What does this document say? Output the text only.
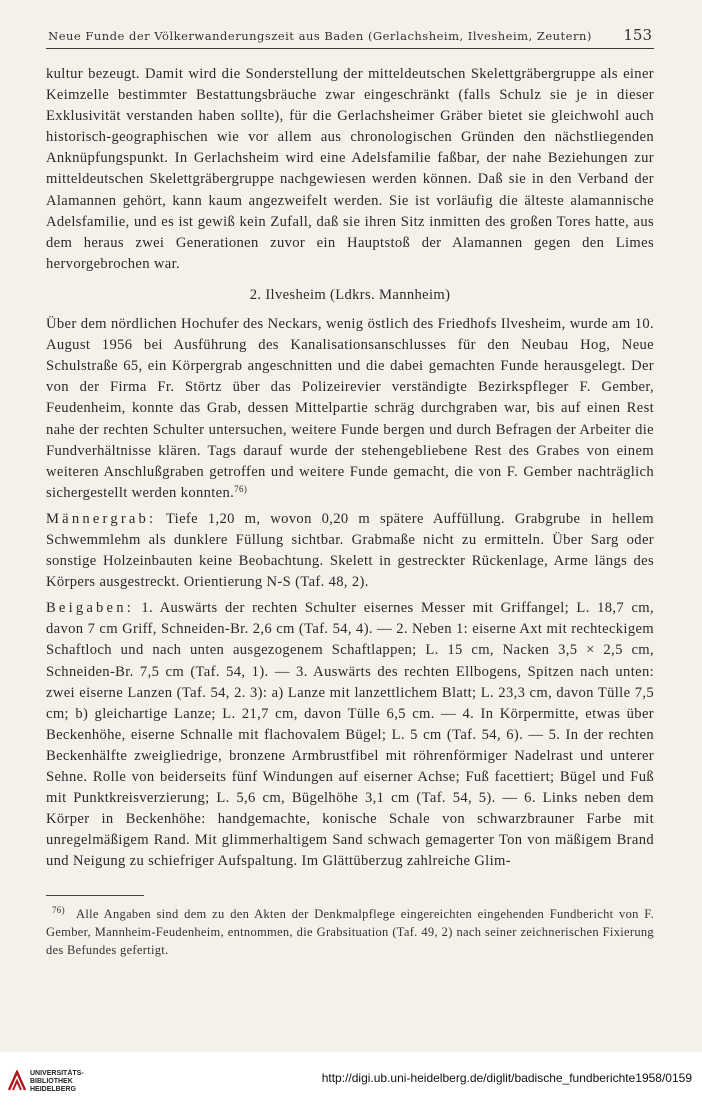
Neue Funde der Völkerwanderungszeit aus Baden (Gerlachsheim, Ilvesheim, Zeutern) 153

kultur bezeugt. Damit wird die Sonderstellung der mitteldeutschen Skelettgräbergruppe als einer Keimzelle bestimmter Bestattungsbräuche zwar eingeschränkt (falls Schulz sie je in dieser Exklusivität verstanden haben sollte), für die Gerlachsheimer Gräber bietet sie gleichwohl auch historisch-geographischen wie vor allem aus chronologischen Gründen den nächstliegenden Anknüpfungspunkt. In Gerlachsheim wird eine Adelsfamilie faßbar, der nahe Beziehungen zur mitteldeutschen Skelettgräbergruppe nachgewiesen werden können. Daß sie in den Verband der Alamannen gehört, kann kaum angezweifelt werden. Sie ist vorläufig die älteste alamannische Adelsfamilie, und es ist gewiß kein Zufall, daß sie ihren Sitz inmitten des großen Tores hatte, aus dem heraus zwei Generationen zuvor ein Hauptstoß der Alamannen gegen den Limes hervorgebrochen war.

2. Ilvesheim (Ldkrs. Mannheim)

Über dem nördlichen Hochufer des Neckars, wenig östlich des Friedhofs Ilvesheim, wurde am 10. August 1956 bei Ausführung des Kanalisationsanschlusses für den Neubau Hog, Neue Schulstraße 65, ein Körpergrab angeschnitten und die dabei gemachten Funde herausgelegt. Der von der Firma Fr. Störtz über das Polizeirevier verständigte Bezirkspfleger F. Gember, Feudenheim, konnte das Grab, dessen Mittelpartie schräg durchgraben war, bis auf einen Rest nahe der rechten Schulter untersuchen, weitere Funde bergen und durch Befragen der Arbeiter die Fundverhältnisse klären. Tags darauf wurde der stehengebliebene Rest des Grabes von einem weiteren Anschlußgraben getroffen und weitere Funde gemacht, die von F. Gember nachträglich sichergestellt werden konnten.$^{76)}$

Männergrab: Tiefe 1,20 m, wovon 0,20 m spätere Auffüllung. Grabgrube in hellem Schwemmlehm als dunklere Füllung sichtbar. Grabmaße nicht zu ermitteln. Über Sarg oder sonstige Holzeinbauten keine Beobachtung. Skelett in gestreckter Rückenlage, Arme längs des Körpers ausgestreckt. Orientierung N-S (Taf. 48, 2).

Beigaben: 1. Auswärts der rechten Schulter eisernes Messer mit Griffangel; L. 18,7 cm, davon 7 cm Griff, Schneiden-Br. 2,6 cm (Taf. 54, 4). — 2. Neben 1: eiserne Axt mit rechteckigem Schaftloch und nach unten ausgezogenem Schaftlappen; L. 15 cm, Nacken 3,5 × 2,5 cm, Schneiden-Br. 7,5 cm (Taf. 54, 1). — 3. Auswärts des rechten Ellbogens, Spitzen nach unten: zwei eiserne Lanzen (Taf. 54, 2. 3): a) Lanze mit lanzettlichem Blatt; L. 23,3 cm, davon Tülle 7,5 cm; b) gleichartige Lanze; L. 21,7 cm, davon Tülle 6,5 cm. — 4. In Körpermitte, etwas über Beckenhöhe, eiserne Schnalle mit flachovalem Bügel; L. 5 cm (Taf. 54, 6). — 5. In der rechten Beckenhälfte zweigliedrige, bronzene Armbrustfibel mit röhrenförmiger Nadelrast und unterer Sehne. Rolle von beiderseits fünf Windungen auf eiserner Achse; Fuß facettiert; Bügel und Fuß mit Punktkreisverzierung; L. 5,6 cm, Bügelhöhe 3,1 cm (Taf. 54, 5). — 6. Links neben dem Körper in Beckenhöhe: handgemachte, konische Schale von schwarzbrauner Farbe mit unregelmäßigem Rand. Mit glimmerhaltigem Sand schwach gemagerter Ton von mäßigem Brand und Neigung zu schiefriger Aufspaltung. Im Glättüberzug zahlreiche Glim-

$^{76)}$ Alle Angaben sind dem zu den Akten der Denkmalpflege eingereichten eingehenden Fundbericht von F. Gember, Mannheim-Feudenheim, entnommen, die Grabsituation (Taf. 49, 2) nach seiner zeichnerischen Fixierung des Befundes gefertigt.
UNIVERSITÄTS-
BIBLIOTHEK
HEIDELBERG
http://digi.ub.uni-heidelberg.de/diglit/badische_fundberichte1958/0159
